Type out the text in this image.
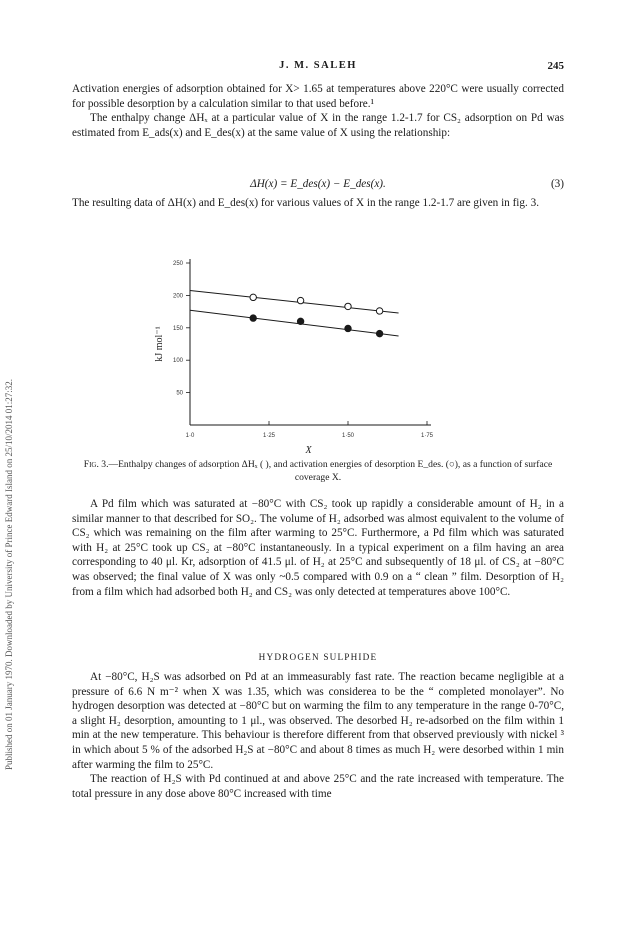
Published on 01 January 1970. Downloaded by University of Prince Edward Island on 25/10/2014 01:27:32.
J. M. SALEH	245

Activation energies of adsorption obtained for X> 1.65 at temperatures above 220°C were usually corrected for possible desorption by a calculation similar to that used before.¹

The enthalpy change ΔHₓ at a particular value of X in the range 1.2-1.7 for CS₂ adsorption on Pd was estimated from E_ads(x) and E_des(x) at the same value of X using the relationship:

ΔH(x) = E_des(x) − E_des(x).	(3)

The resulting data of ΔH(x) and E_des(x) for various values of X in the range 1.2-1.7 are given in fig. 3.

250
200
150
100
50
1·0	1·25	1·50	1·75
kJ mol⁻¹
X
Fig. 3.—Enthalpy changes of adsorption ΔHₓ ( ), and activation energies of desorption E_des. (○), as a function of surface coverage X.

A Pd film which was saturated at −80°C with CS₂ took up rapidly a considerable amount of H₂ in a similar manner to that described for SO₂. The volume of H₂ adsorbed was almost equivalent to the volume of CS₂ which was remaining on the film after warming to 25°C. Furthermore, a Pd film which was saturated with H₂ at 25°C took up CS₂ at −80°C instantaneously. In a typical experiment on a film having an area corresponding to 40 μl. Kr, adsorption of 41.5 μl. of H₂ at 25°C and subsequently of 18 μl. of CS₂ at −80°C was observed; the final value of X was only ~0.5 compared with 0.9 on a “ clean ” film. Desorption of H₂ from a film which had adsorbed both H₂ and CS₂ was only detected at temperatures above 100°C.

HYDROGEN SULPHIDE

At −80°C, H₂S was adsorbed on Pd at an immeasurably fast rate. The reaction became negligible at a pressure of 6.6 N m⁻² when X was 1.35, which was considerea to be the “ completed monolayer”. No hydrogen desorption was detected at −80°C but on warming the film to any temperature in the range 0-70°C, a slight H₂ desorption, amounting to 1 μl., was observed. The desorbed H₂ re-adsorbed on the film within 1 min at the new temperature. This behaviour is therefore different from that observed previously with nickel ³ in which about 5 % of the adsorbed H₂S at −80°C and about 8 times as much H₂ were desorbed within 1 min after warming the film to 25°C.

The reaction of H₂S with Pd continued at and above 25°C and the rate increased with temperature. The total pressure in any dose above 80°C increased with time
